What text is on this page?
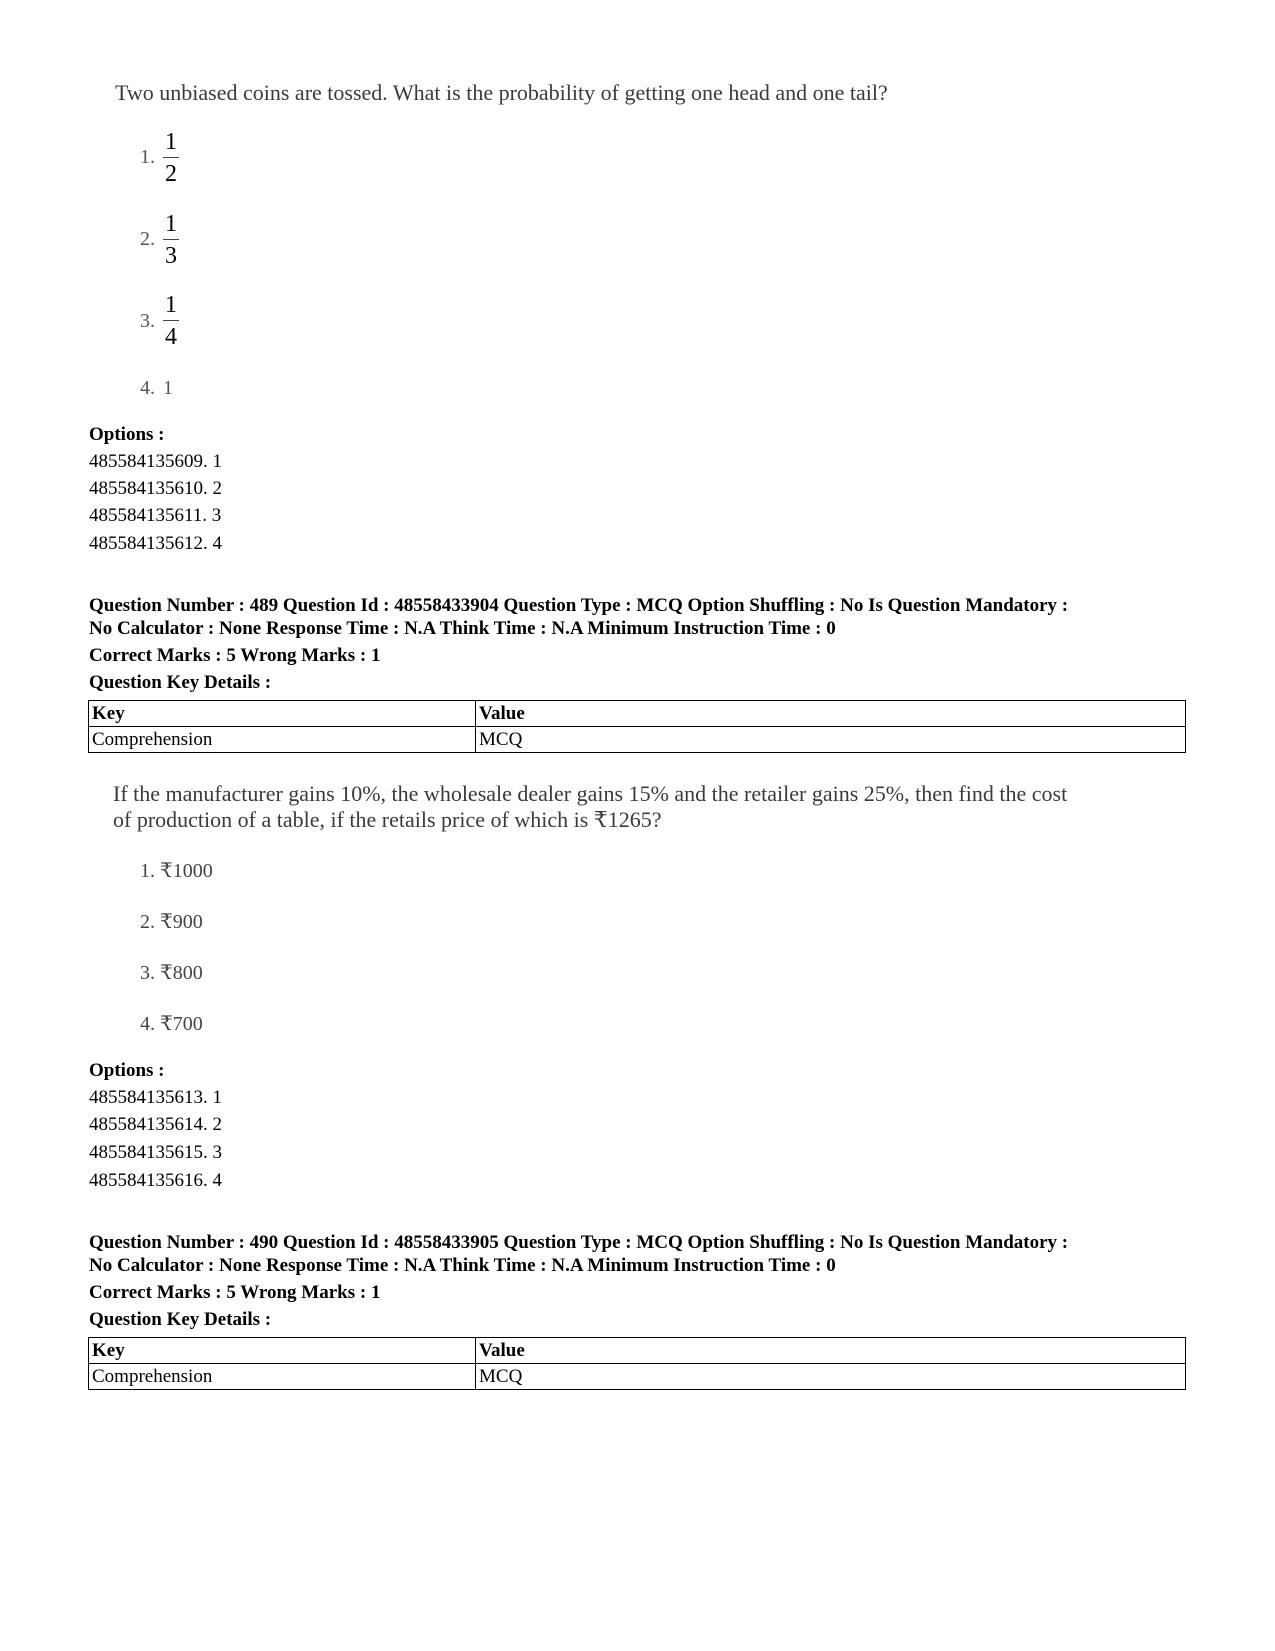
Two unbiased coins are tossed. What is the probability of getting one head and one tail?
1.
1
2
2.
1
3
3.
1
4
4. 1
Options :
485584135609. 1
485584135610. 2
485584135611. 3
485584135612. 4
Question Number : 489 Question Id : 48558433904 Question Type : MCQ Option Shuffling : No Is Question Mandatory :
No Calculator : None Response Time : N.A Think Time : N.A Minimum Instruction Time : 0
Correct Marks : 5 Wrong Marks : 1
Question Key Details :
Key	Value
Comprehension	MCQ
If the manufacturer gains 10%, the wholesale dealer gains 15% and the retailer gains 25%, then find the cost
of production of a table, if the retails price of which is ₹1265?
1. ₹1000
2. ₹900
3. ₹800
4. ₹700
Options :
485584135613. 1
485584135614. 2
485584135615. 3
485584135616. 4
Question Number : 490 Question Id : 48558433905 Question Type : MCQ Option Shuffling : No Is Question Mandatory :
No Calculator : None Response Time : N.A Think Time : N.A Minimum Instruction Time : 0
Correct Marks : 5 Wrong Marks : 1
Question Key Details :
Key	Value
Comprehension	MCQ
